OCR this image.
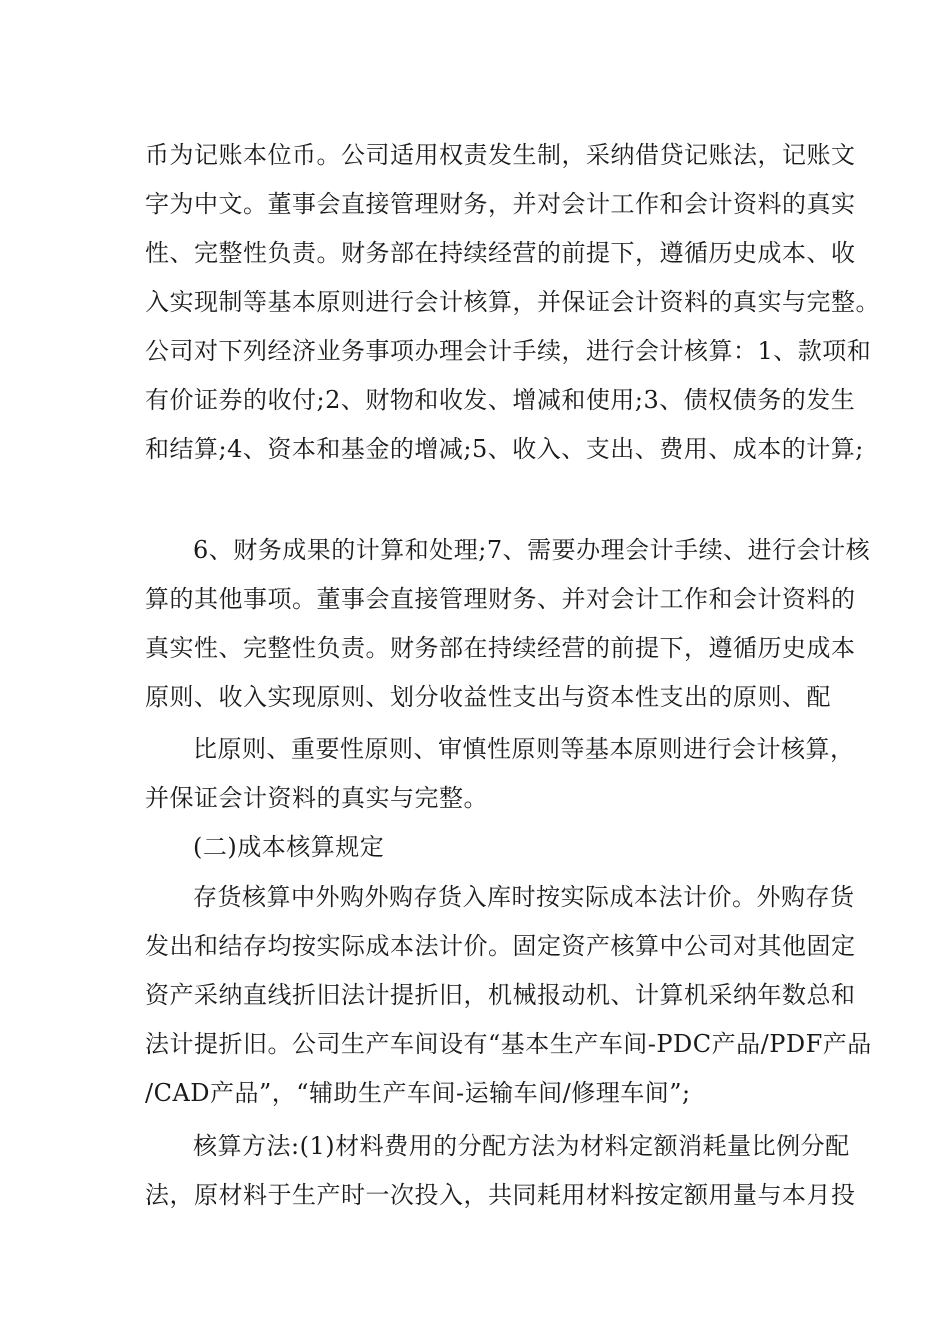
币为记账本位币。公司适用权责发生制，采纳借贷记账法，记账文
字为中文。董事会直接管理财务，并对会计工作和会计资料的真实
性、完整性负责。财务部在持续经营的前提下，遵循历史成本、收
入实现制等基本原则进行会计核算，并保证会计资料的真实与完整。
公司对下列经济业务事项办理会计手续，进行会计核算：1、款项和
有价证券的收付;2、财物和收发、增减和使用;3、债权债务的发生
和结算;4、资本和基金的增减;5、收入、支出、费用、成本的计算;
6、财务成果的计算和处理;7、需要办理会计手续、进行会计核
算的其他事项。董事会直接管理财务、并对会计工作和会计资料的
真实性、完整性负责。财务部在持续经营的前提下，遵循历史成本
原则、收入实现原则、划分收益性支出与资本性支出的原则、配
比原则、重要性原则、审慎性原则等基本原则进行会计核算，
并保证会计资料的真实与完整。
(二)成本核算规定
存货核算中外购外购存货入库时按实际成本法计价。外购存货
发出和结存均按实际成本法计价。固定资产核算中公司对其他固定
资产采纳直线折旧法计提折旧，机械报动机、计算机采纳年数总和
法计提折旧。公司生产车间设有“基本生产车间-PDC产品/PDF产品
/CAD产品”，“辅助生产车间-运输车间/修理车间”;
核算方法:(1)材料费用的分配方法为材料定额消耗量比例分配
法，原材料于生产时一次投入，共同耗用材料按定额用量与本月投
